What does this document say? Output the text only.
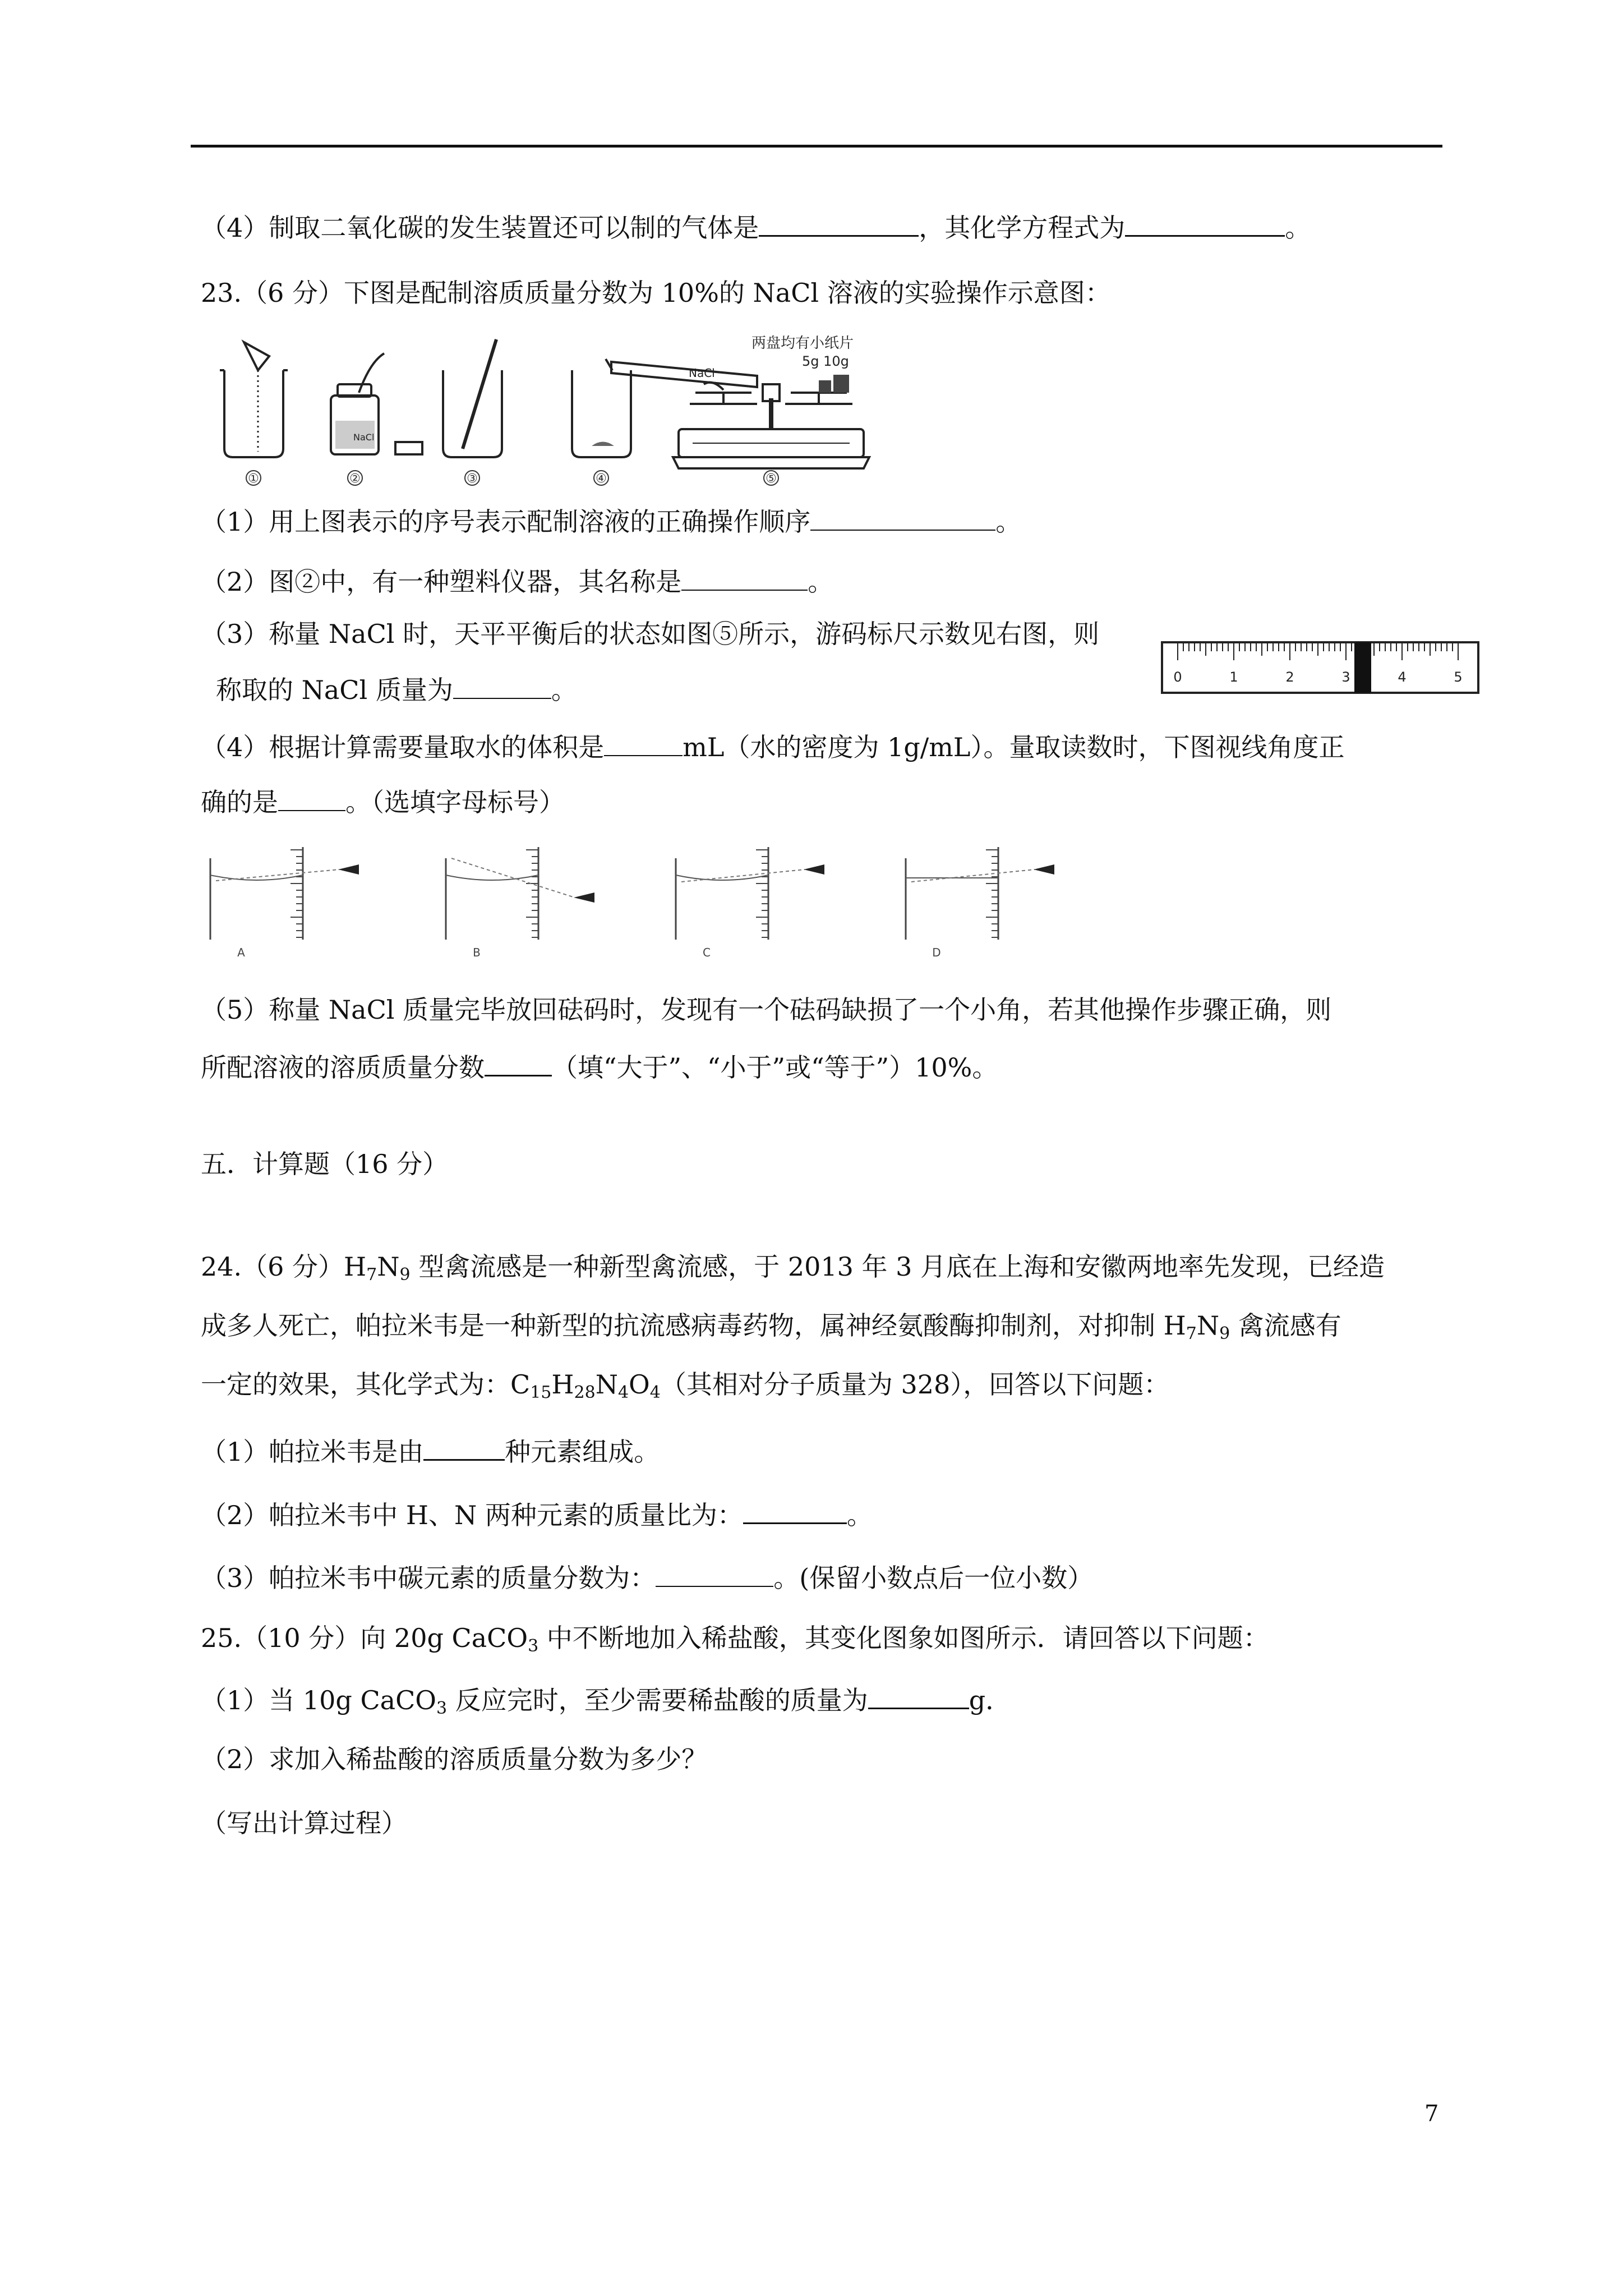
（4）制取二氧化碳的发生装置还可以制的气体是	，其化学方程式为	。
23.（6 分）下图是配制溶质质量分数为 10%的 NaCl 溶液的实验操作示意图：
NaCl
两盘均有小纸片
5g 10g
NaCl
①	②	③	④	⑤
（1）用上图表示的序号表示配制溶液的正确操作顺序	。
（2）图②中，有一种塑料仪器，其名称是	。
（3）称量 NaCl 时，天平平衡后的状态如图⑤所示，游码标尺示数见右图，则
称取的 NaCl 质量为	。	0	1	2	3	4	5
（4）根据计算需要量取水的体积是	mL（水的密度为 1g/mL）。量取读数时，下图视线角度正
确的是	。（选填字母标号）
A	B	C	D
（5）称量 NaCl 质量完毕放回砝码时，发现有一个砝码缺损了一个小角，若其他操作步骤正确，则
所配溶液的溶质质量分数	（填“大于”、“小于”或“等于”）10%。
五．计算题（16 分）
24.（6 分）$H_7N_9$ 型禽流感是一种新型禽流感，于 2013 年 3 月底在上海和安徽两地率先发现，已经造
成多人死亡，帕拉米韦是一种新型的抗流感病毒药物，属神经氨酸酶抑制剂，对抑制 $H_7N_9$ 禽流感有
一定的效果，其化学式为：$C_{15}H_{28}N_4O_4$（其相对分子质量为 328），回答以下问题：
（1）帕拉米韦是由	种元素组成。
（2）帕拉米韦中 H、N 两种元素的质量比为：	。
（3）帕拉米韦中碳元素的质量分数为：	。(保留小数点后一位小数）
25.（10 分）向 20g CaCO$_3$ 中不断地加入稀盐酸，其变化图象如图所示．请回答以下问题：
（1）当 10g CaCO$_3$ 反应完时，至少需要稀盐酸的质量为	g．
（2）求加入稀盐酸的溶质质量分数为多少？
（写出计算过程）
7
